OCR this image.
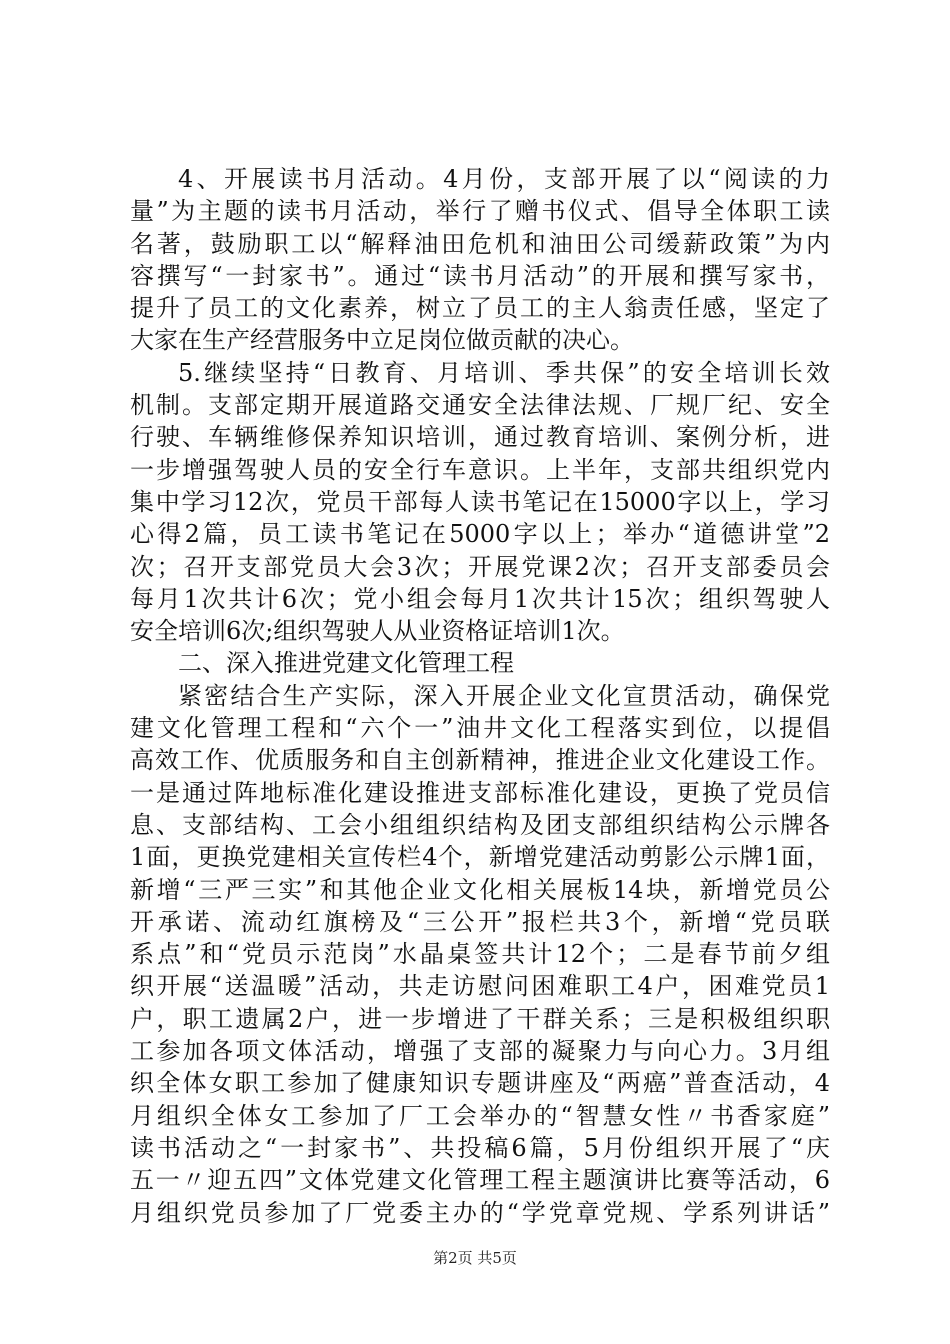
4、开展读书月活动。4月份，支部开展了以“阅读的力
量”为主题的读书月活动，举行了赠书仪式、倡导全体职工读
名著，鼓励职工以“解释油田危机和油田公司缓薪政策”为内
容撰写“一封家书”。通过“读书月活动”的开展和撰写家书，
提升了员工的文化素养，树立了员工的主人翁责任感，坚定了
大家在生产经营服务中立足岗位做贡献的决心。
5.继续坚持“日教育、月培训、季共保”的安全培训长效
机制。支部定期开展道路交通安全法律法规、厂规厂纪、安全
行驶、车辆维修保养知识培训，通过教育培训、案例分析，进
一步增强驾驶人员的安全行车意识。上半年，支部共组织党内
集中学习12次，党员干部每人读书笔记在15000字以上，学习
心得2篇，员工读书笔记在5000字以上；举办“道德讲堂”2
次；召开支部党员大会3次；开展党课2次；召开支部委员会
每月1次共计6次；党小组会每月1次共计15次；组织驾驶人
安全培训6次;组织驾驶人从业资格证培训1次。
二、深入推进党建文化管理工程
紧密结合生产实际，深入开展企业文化宣贯活动，确保党
建文化管理工程和“六个一”油井文化工程落实到位，以提倡
高效工作、优质服务和自主创新精神，推进企业文化建设工作。
一是通过阵地标准化建设推进支部标准化建设，更换了党员信
息、支部结构、工会小组组织结构及团支部组织结构公示牌各
1面，更换党建相关宣传栏4个，新增党建活动剪影公示牌1面，
新增“三严三实”和其他企业文化相关展板14块，新增党员公
开承诺、流动红旗榜及“三公开”报栏共3个，新增“党员联
系点”和“党员示范岗”水晶桌签共计12个；二是春节前夕组
织开展“送温暖”活动，共走访慰问困难职工4户，困难党员1
户，职工遗属2户，进一步增进了干群关系；三是积极组织职
工参加各项文体活动，增强了支部的凝聚力与向心力。3月组
织全体女职工参加了健康知识专题讲座及“两癌”普查活动，4
月组织全体女工参加了厂工会举办的“智慧女性〃书香家庭”
读书活动之“一封家书”、共投稿6篇，5月份组织开展了“庆
五一〃迎五四”文体党建文化管理工程主题演讲比赛等活动，6
月组织党员参加了厂党委主办的“学党章党规、学系列讲话”
第2页 共5页
